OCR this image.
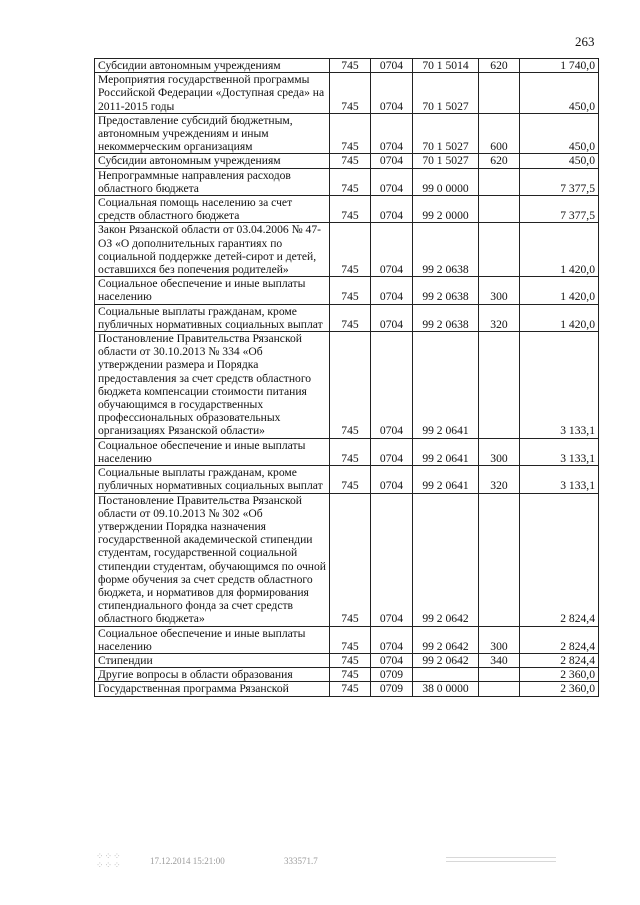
263
Субсидии автономным учреждениям	745	0704	70 1 5014	620	1 740,0
Мероприятия государственной программы Российской Федерации «Доступная среда» на 2011-2015 годы	745	0704	70 1 5027		450,0
Предоставление субсидий бюджетным, автономным учреждениям и иным некоммерческим организациям	745	0704	70 1 5027	600	450,0
Субсидии автономным учреждениям	745	0704	70 1 5027	620	450,0
Непрограммные направления расходов областного бюджета	745	0704	99 0 0000		7 377,5
Социальная помощь населению за счет средств областного бюджета	745	0704	99 2 0000		7 377,5
Закон Рязанской области от 03.04.2006 № 47-ОЗ «О дополнительных гарантиях по социальной поддержке детей-сирот и детей, оставшихся без попечения родителей»	745	0704	99 2 0638		1 420,0
Социальное обеспечение и иные выплаты населению	745	0704	99 2 0638	300	1 420,0
Социальные выплаты гражданам, кроме публичных нормативных социальных выплат	745	0704	99 2 0638	320	1 420,0
Постановление Правительства Рязанской области от 30.10.2013 № 334 «Об утверждении размера и Порядка предоставления за счет средств областного бюджета компенсации стоимости питания обучающимся в государственных профессиональных образовательных организациях Рязанской области»	745	0704	99 2 0641		3 133,1
Социальное обеспечение и иные выплаты населению	745	0704	99 2 0641	300	3 133,1
Социальные выплаты гражданам, кроме публичных нормативных социальных выплат	745	0704	99 2 0641	320	3 133,1
Постановление Правительства Рязанской области от 09.10.2013 № 302 «Об утверждении Порядка назначения государственной академической стипендии студентам, государственной социальной стипендии студентам, обучающимся по очной форме обучения за счет средств областного бюджета, и нормативов для формирования стипендиального фонда за счет средств областного бюджета»	745	0704	99 2 0642		2 824,4
Социальное обеспечение и иные выплаты населению	745	0704	99 2 0642	300	2 824,4
Стипендии	745	0704	99 2 0642	340	2 824,4
Другие вопросы в области образования	745	0709			2 360,0
Государственная программа Рязанской	745	0709	38 0 0000		2 360,0
⁘⁘⁘
⁘⁘⁘	17.12.2014 15:21:00	333571.7
